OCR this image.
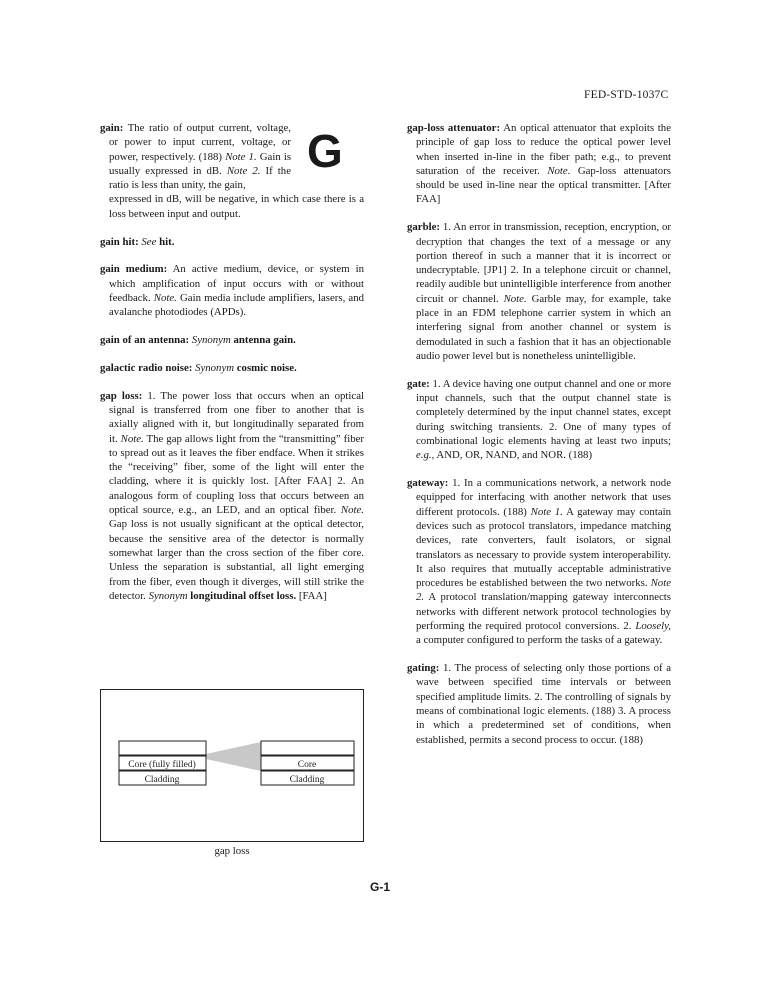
FED-STD-1037C
G
gain: The ratio of output current, voltage, or power to input current, voltage, or power, respectively. (188) Note 1. Gain is usually expressed in dB. Note 2. If the ratio is less than unity, the gain,
expressed in dB, will be negative, in which case there is a loss between input and output.
gain hit: See hit.
gain medium: An active medium, device, or system in which amplification of input occurs with or without feedback. Note. Gain media include amplifiers, lasers, and avalanche photodiodes (APDs).
gain of an antenna: Synonym antenna gain.
galactic radio noise: Synonym cosmic noise.
gap loss: 1. The power loss that occurs when an optical signal is transferred from one fiber to another that is axially aligned with it, but longitudinally separated from it. Note. The gap allows light from the “transmitting” fiber to spread out as it leaves the fiber endface. When it strikes the “receiving” fiber, some of the light will enter the cladding, where it is quickly lost. [After FAA] 2. An analogous form of coupling loss that occurs between an optical source, e.g., an LED, and an optical fiber. Note. Gap loss is not usually significant at the optical detector, because the sensitive area of the detector is normally somewhat larger than the cross section of the fiber core. Unless the separation is substantial, all light emerging from the fiber, even though it diverges, will still strike the detector. Synonym longitudinal offset loss. [FAA]
Core (fully filled)
Cladding
Core
Cladding
gap loss
gap-loss attenuator: An optical attenuator that exploits the principle of gap loss to reduce the optical power level when inserted in-line in the fiber path; e.g., to prevent saturation of the receiver. Note. Gap-loss attenuators should be used in-line near the optical transmitter. [After FAA]
garble: 1. An error in transmission, reception, encryption, or decryption that changes the text of a message or any portion thereof in such a manner that it is incorrect or undecryptable. [JP1] 2. In a telephone circuit or channel, readily audible but unintelligible interference from another circuit or channel. Note. Garble may, for example, take place in an FDM telephone carrier system in which an interfering signal from another channel or system is demodulated in such a fashion that it has an objectionable audio power level but is nonetheless unintelligible.
gate: 1. A device having one output channel and one or more input channels, such that the output channel state is completely determined by the input channel states, except during switching transients. 2. One of many types of combinational logic elements having at least two inputs; e.g., AND, OR, NAND, and NOR. (188)
gateway: 1. In a communications network, a network node equipped for interfacing with another network that uses different protocols. (188) Note 1. A gateway may contain devices such as protocol translators, impedance matching devices, rate converters, fault isolators, or signal translators as necessary to provide system interoperability. It also requires that mutually acceptable administrative procedures be established between the two networks. Note 2. A protocol translation/mapping gateway interconnects networks with different network protocol technologies by performing the required protocol conversions. 2. Loosely, a computer configured to perform the tasks of a gateway.
gating: 1. The process of selecting only those portions of a wave between specified time intervals or between specified amplitude limits. 2. The controlling of signals by means of combinational logic elements. (188) 3. A process in which a predetermined set of conditions, when established, permits a second process to occur. (188)
G-1
